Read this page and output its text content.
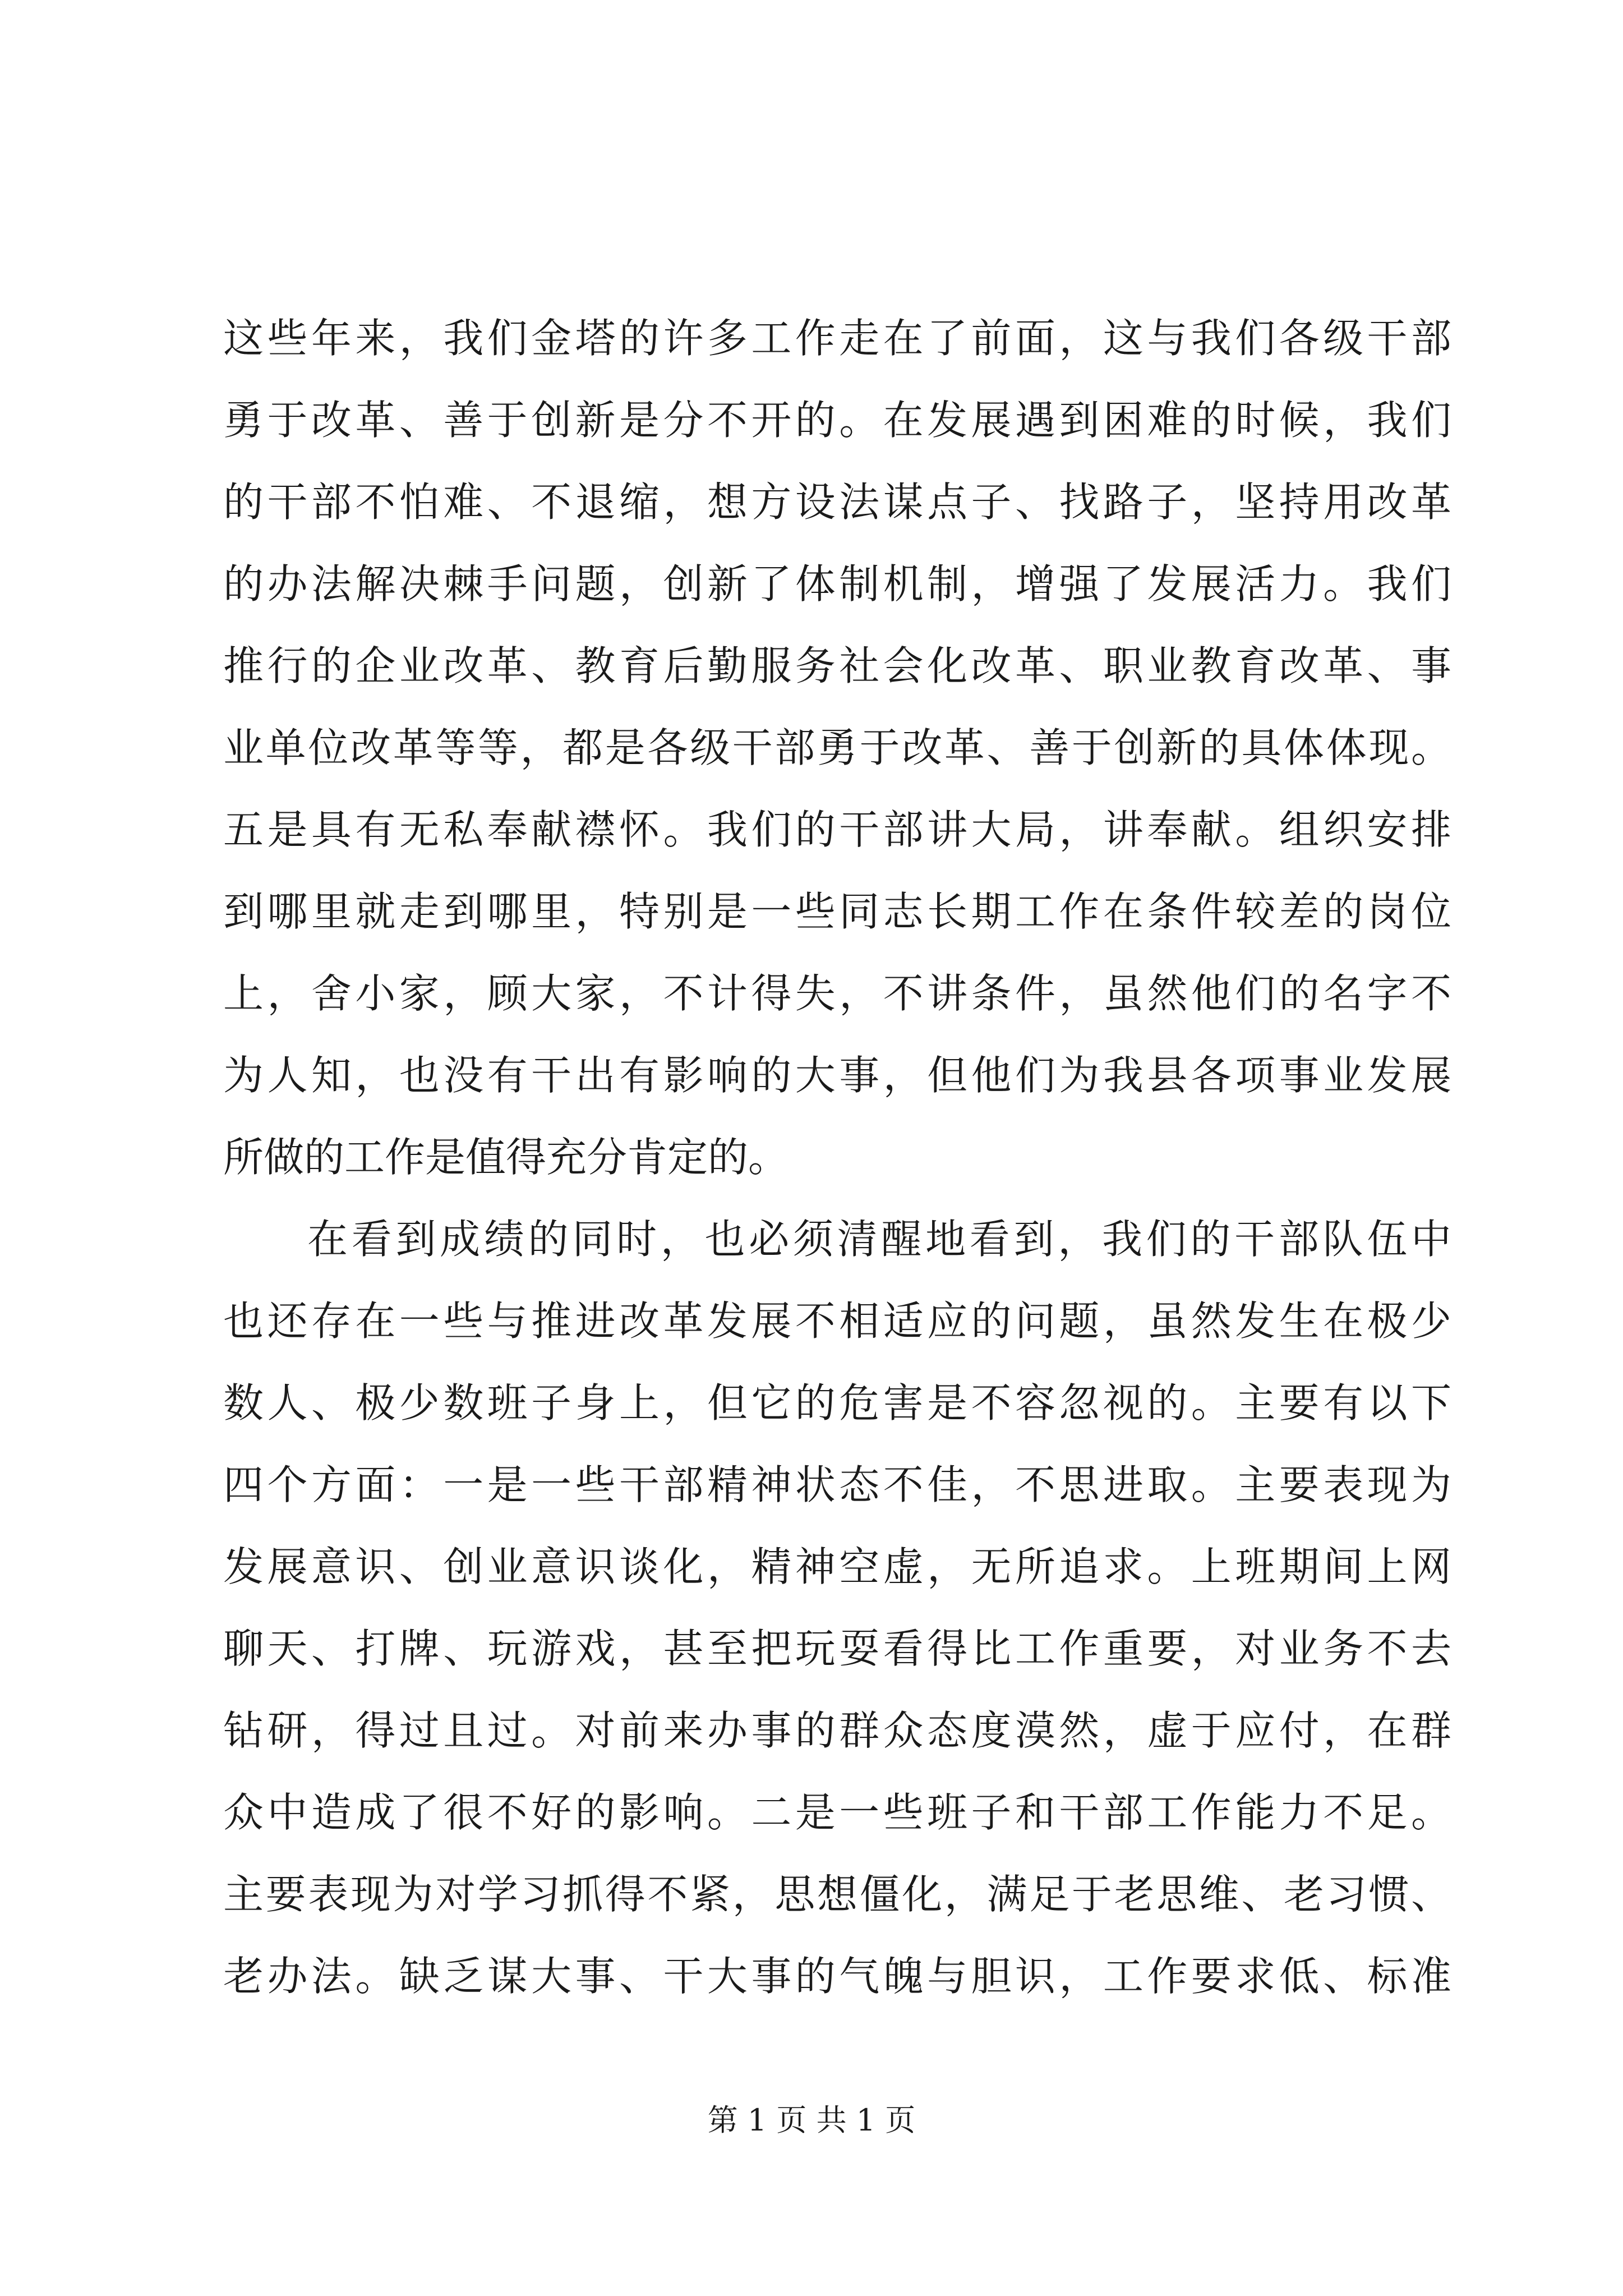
这些年来，我们金塔的许多工作走在了前面，这与我们各级干部
勇于改革、善于创新是分不开的。在发展遇到困难的时候，我们
的干部不怕难、不退缩，想方设法谋点子、找路子，坚持用改革
的办法解决棘手问题，创新了体制机制，增强了发展活力。我们
推行的企业改革、教育后勤服务社会化改革、职业教育改革、事
业单位改革等等，都是各级干部勇于改革、善于创新的具体体现。
五是具有无私奉献襟怀。我们的干部讲大局，讲奉献。组织安排
到哪里就走到哪里，特别是一些同志长期工作在条件较差的岗位
上，舍小家，顾大家，不计得失，不讲条件，虽然他们的名字不
为人知，也没有干出有影响的大事，但他们为我县各项事业发展
所做的工作是值得充分肯定的。
在看到成绩的同时，也必须清醒地看到，我们的干部队伍中
也还存在一些与推进改革发展不相适应的问题，虽然发生在极少
数人、极少数班子身上，但它的危害是不容忽视的。主要有以下
四个方面：一是一些干部精神状态不佳，不思进取。主要表现为
发展意识、创业意识谈化，精神空虚，无所追求。上班期间上网
聊天、打牌、玩游戏，甚至把玩耍看得比工作重要，对业务不去
钻研，得过且过。对前来办事的群众态度漠然，虚于应付，在群
众中造成了很不好的影响。二是一些班子和干部工作能力不足。
主要表现为对学习抓得不紧，思想僵化，满足于老思维、老习惯、
老办法。缺乏谋大事、干大事的气魄与胆识，工作要求低、标准
第 1 页 共 1 页
